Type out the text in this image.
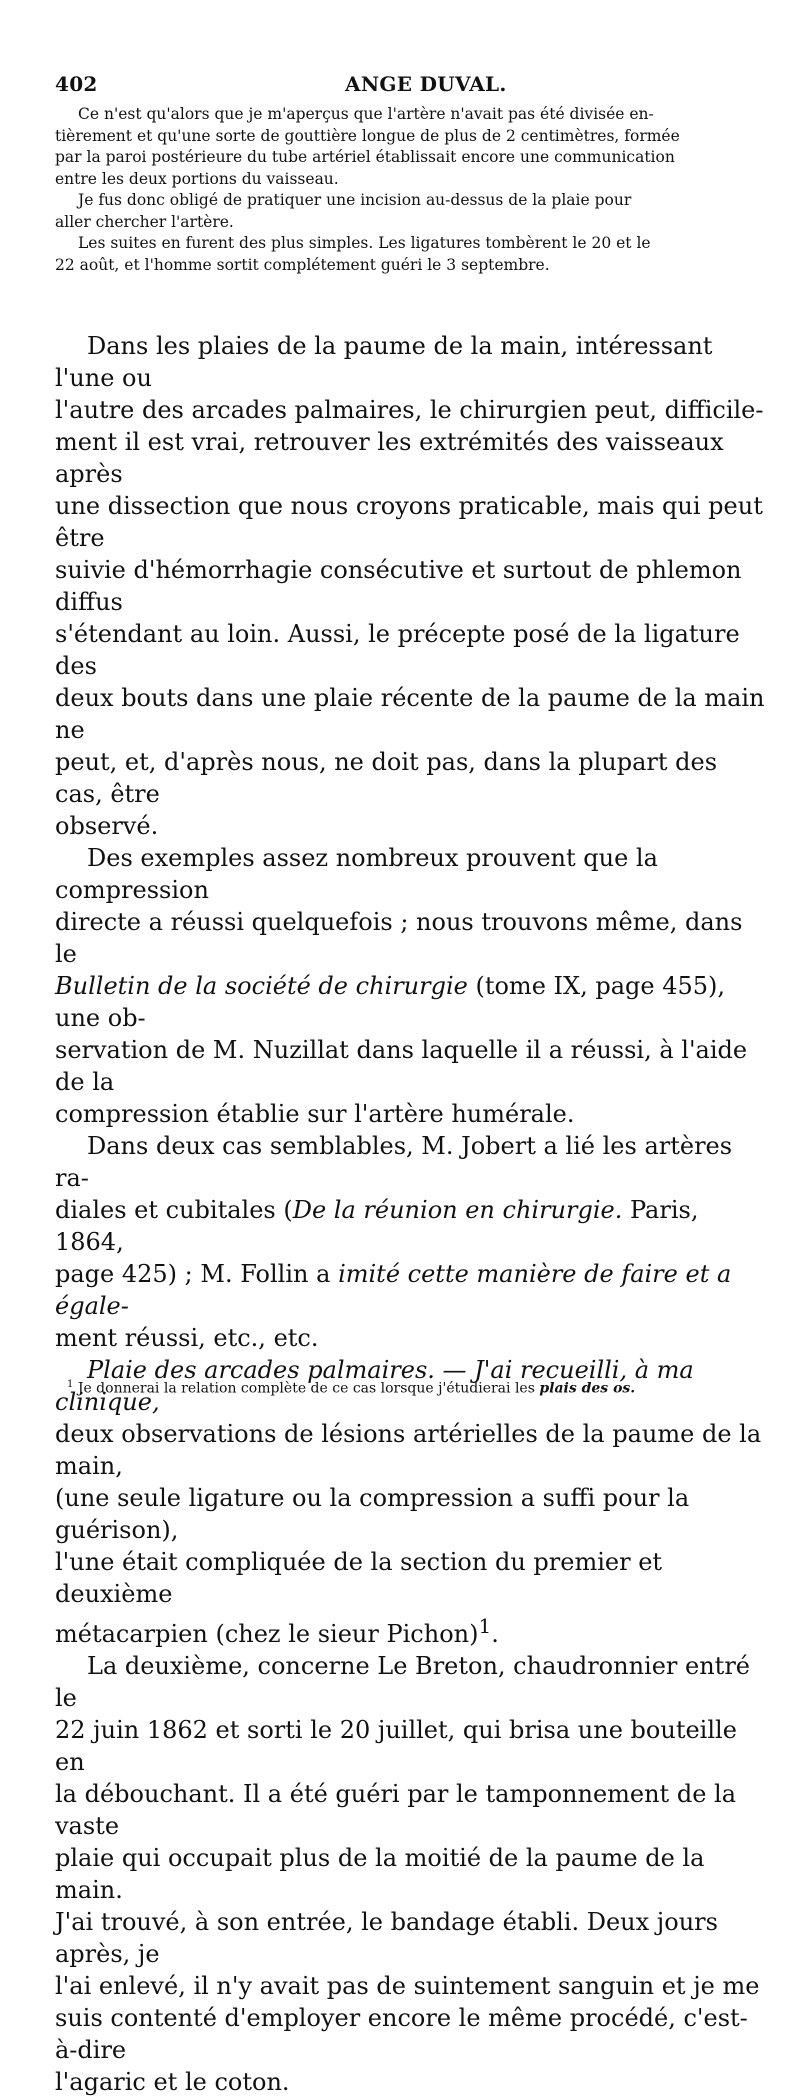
402	ANGE DUVAL.

Ce n'est qu'alors que je m'aperçus que l'artère n'avait pas été divisée en-
tièrement et qu'une sorte de gouttière longue de plus de 2 centimètres, formée
par la paroi postérieure du tube artériel établissait encore une communication
entre les deux portions du vaisseau.

Je fus donc obligé de pratiquer une incision au-dessus de la plaie pour
aller chercher l'artère.

Les suites en furent des plus simples. Les ligatures tombèrent le 20 et le
22 août, et l'homme sortit complétement guéri le 3 septembre.

Dans les plaies de la paume de la main, intéressant l'une ou
l'autre des arcades palmaires, le chirurgien peut, difficile-
ment il est vrai, retrouver les extrémités des vaisseaux après
une dissection que nous croyons praticable, mais qui peut être
suivie d'hémorrhagie consécutive et surtout de phlemon diffus
s'étendant au loin. Aussi, le précepte posé de la ligature des
deux bouts dans une plaie récente de la paume de la main ne
peut, et, d'après nous, ne doit pas, dans la plupart des cas, être
observé.

Des exemples assez nombreux prouvent que la compression
directe a réussi quelquefois ; nous trouvons même, dans le
Bulletin de la société de chirurgie (tome IX, page 455), une ob-
servation de M. Nuzillat dans laquelle il a réussi, à l'aide de la
compression établie sur l'artère humérale.

Dans deux cas semblables, M. Jobert a lié les artères ra-
diales et cubitales (De la réunion en chirurgie. Paris, 1864,
page 425) ; M. Follin a imité cette manière de faire et a égale-
ment réussi, etc., etc.

Plaie des arcades palmaires. — J'ai recueilli, à ma clinique,
deux observations de lésions artérielles de la paume de la main,
(une seule ligature ou la compression a suffi pour la guérison),
l'une était compliquée de la section du premier et deuxième
métacarpien (chez le sieur Pichon)$^1$.

La deuxième, concerne Le Breton, chaudronnier entré le
22 juin 1862 et sorti le 20 juillet, qui brisa une bouteille en
la débouchant. Il a été guéri par le tamponnement de la vaste
plaie qui occupait plus de la moitié de la paume de la main.
J'ai trouvé, à son entrée, le bandage établi. Deux jours après, je
l'ai enlevé, il n'y avait pas de suintement sanguin et je me
suis contenté d'employer encore le même procédé, c'est-à-dire
l'agaric et le coton.

$^1$ Je donnerai la relation complète de ce cas lorsque j'étudierai les plais des os.
